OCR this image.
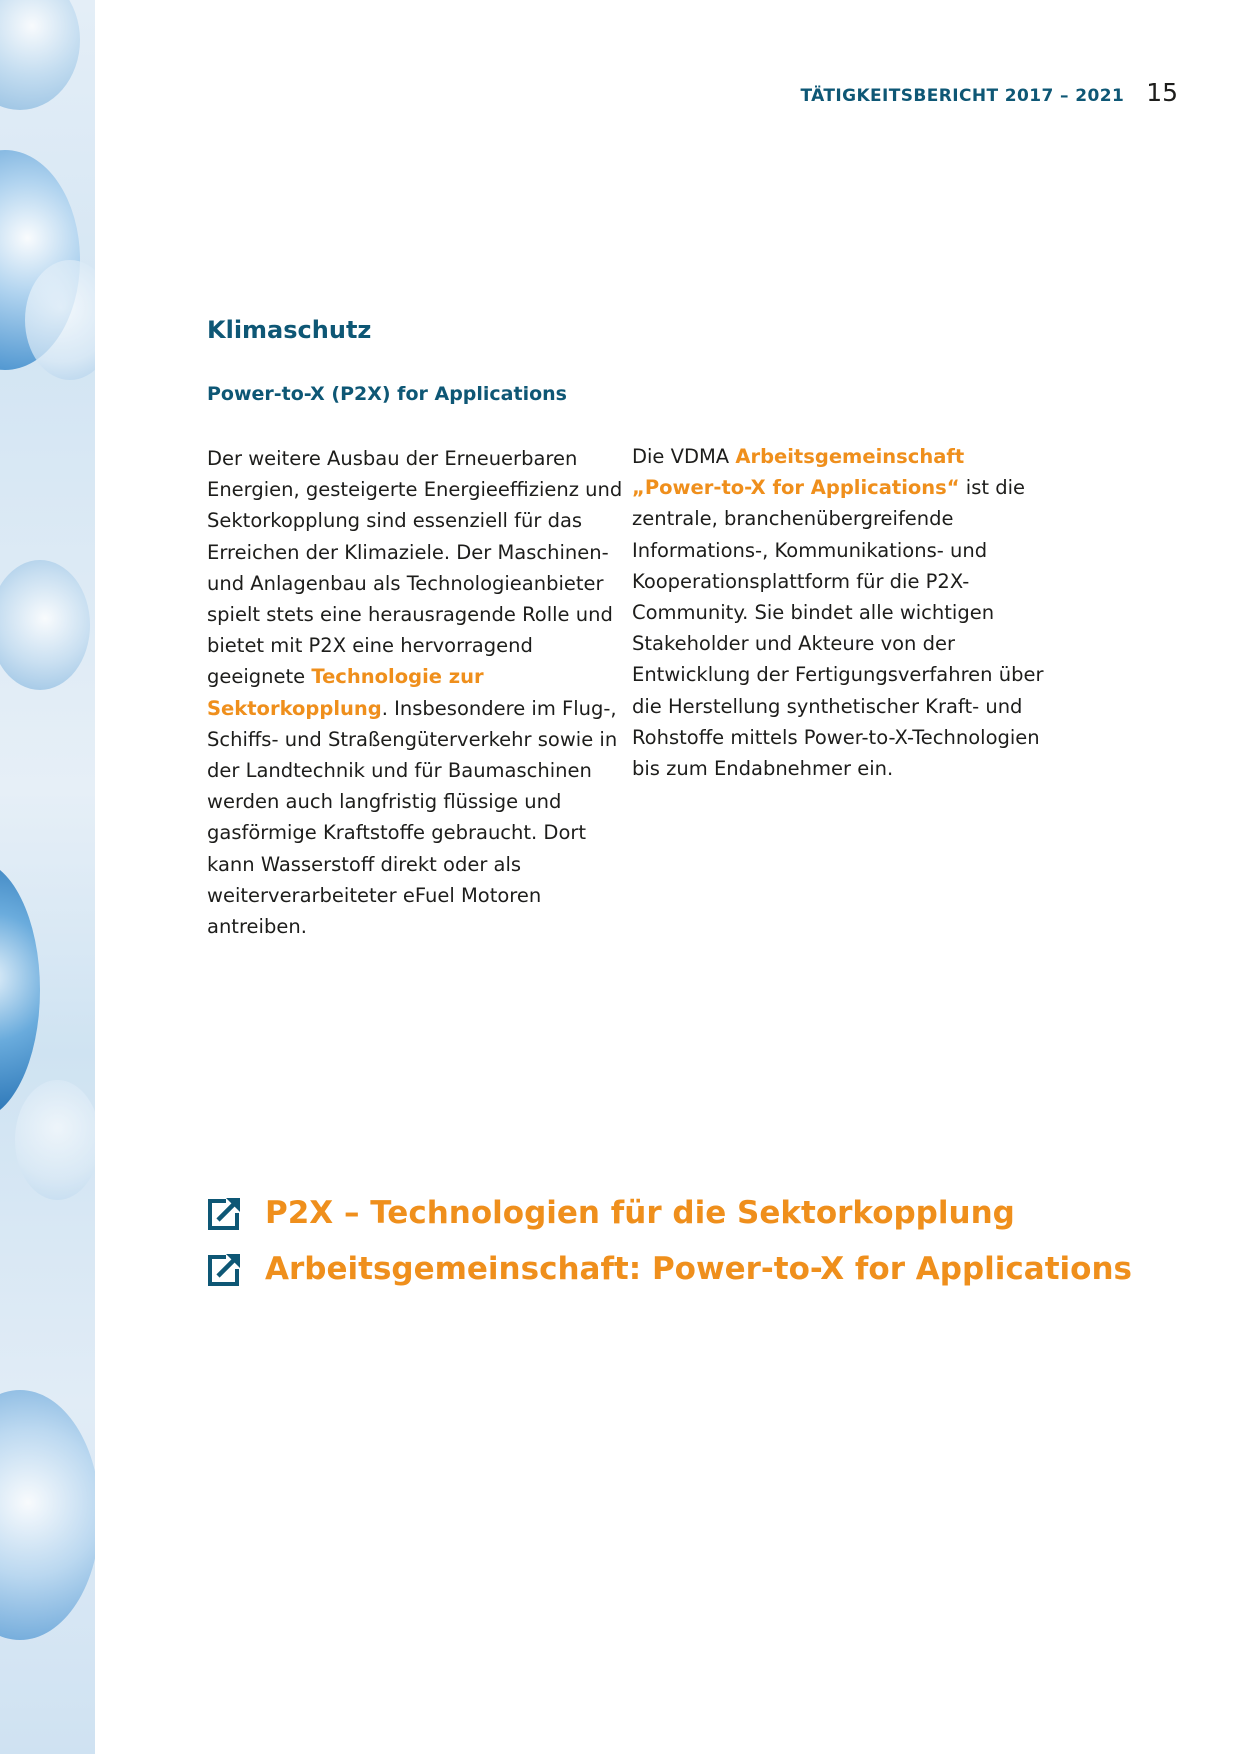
TÄTIGKEITSBERICHT 2017 – 2021 15
Klimaschutz
Power-to-X (P2X) for Applications

Der weitere Ausbau der Erneuerbaren Energien, gesteigerte Energieeffizienz und Sektorkopplung sind essenziell für das Erreichen der Klimaziele. Der Maschinen- und Anlagenbau als Technologieanbieter spielt stets eine herausragende Rolle und bietet mit P2X eine hervorragend geeignete Technologie zur Sektorkopplung. Insbesondere im Flug-, Schiffs- und Straßengüterverkehr sowie in der Landtechnik und für Baumaschinen werden auch langfristig flüssige und gasförmige Kraftstoffe gebraucht. Dort kann Wasserstoff direkt oder als weiterverarbeiteter eFuel Motoren antreiben.

Die VDMA Arbeitsgemeinschaft „Power-to-X for Applications“ ist die zentrale, branchenübergreifende Informations-, Kommunikations- und Kooperationsplattform für die P2X-Community. Sie bindet alle wichtigen Stakeholder und Akteure von der Entwicklung der Fertigungsverfahren über die Herstellung synthetischer Kraft- und Rohstoffe mittels Power-to-X-Technologien bis zum Endabnehmer ein.

P2X – Technologien für die Sektorkopplung
Arbeitsgemeinschaft: Power-to-X for Applications
